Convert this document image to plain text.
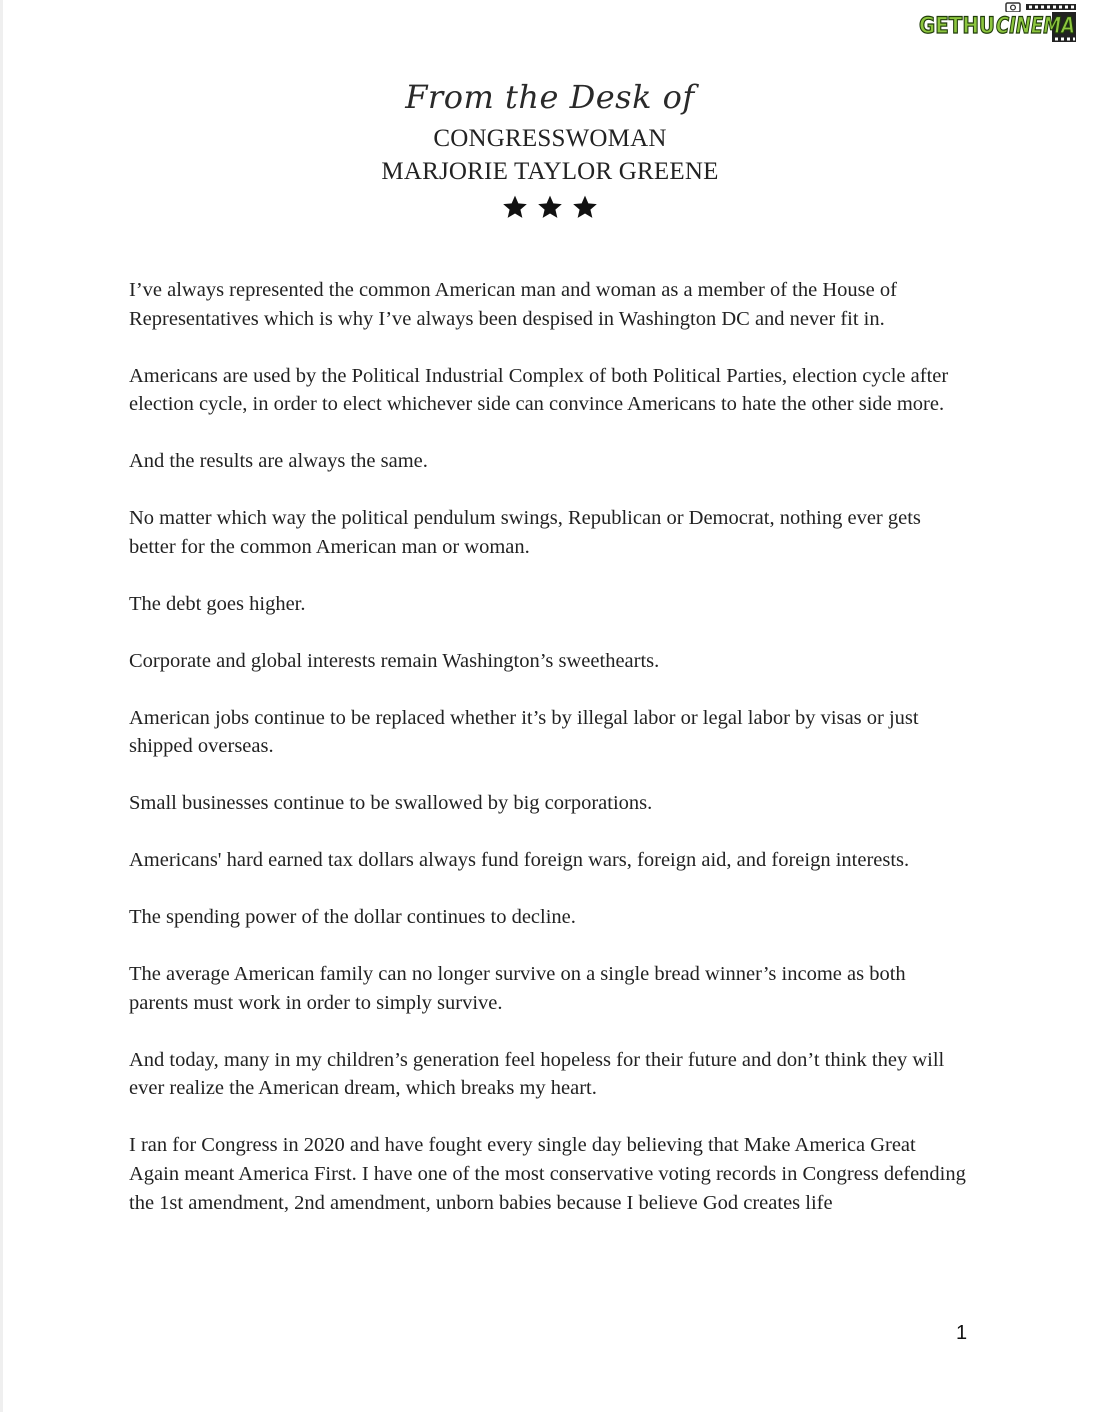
GETHU CINEMA
From the Desk of
CONGRESSWOMAN
MARJORIE TAYLOR GREENE

I’ve always represented the common American man and woman as a member of the House of Representatives which is why I’ve always been despised in Washington DC and never fit in.

Americans are used by the Political Industrial Complex of both Political Parties, election cycle after election cycle, in order to elect whichever side can convince Americans to hate the other side more.

And the results are always the same.

No matter which way the political pendulum swings, Republican or Democrat, nothing ever gets better for the common American man or woman.

The debt goes higher.

Corporate and global interests remain Washington’s sweethearts.

American jobs continue to be replaced whether it’s by illegal labor or legal labor by visas or just shipped overseas.

Small businesses continue to be swallowed by big corporations.

Americans' hard earned tax dollars always fund foreign wars, foreign aid, and foreign interests.

The spending power of the dollar continues to decline.

The average American family can no longer survive on a single bread winner’s income as both parents must work in order to simply survive.

And today, many in my children’s generation feel hopeless for their future and don’t think they will ever realize the American dream, which breaks my heart.

I ran for Congress in 2020 and have fought every single day believing that Make America Great Again meant America First. I have one of the most conservative voting records in Congress defending the 1st amendment, 2nd amendment, unborn babies because I believe God creates life

1
